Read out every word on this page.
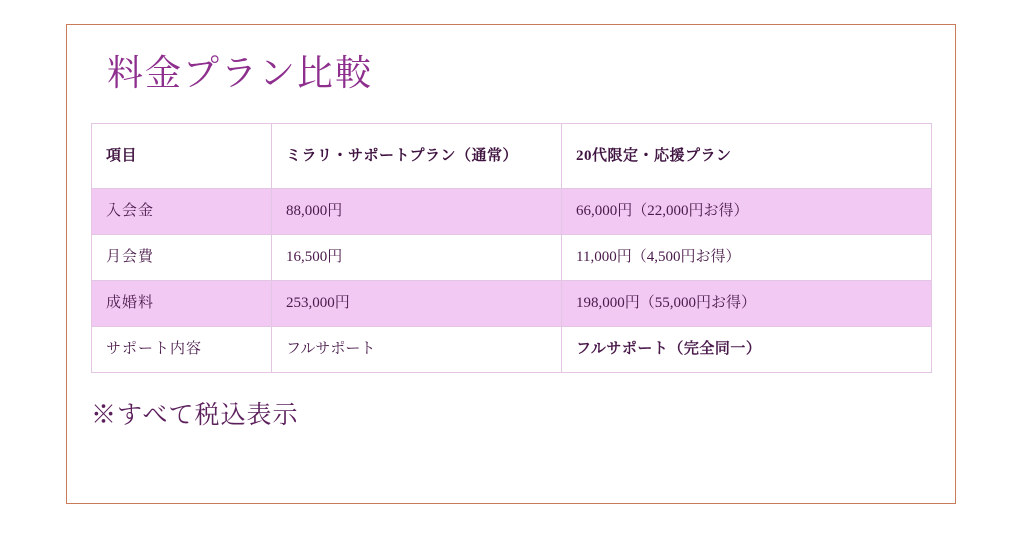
料金プラン比較
項目	ミラリ・サポートプラン（通常）	20代限定・応援プラン
入会金	88,000円	66,000円（22,000円お得）
月会費	16,500円	11,000円（4,500円お得）
成婚料	253,000円	198,000円（55,000円お得）
サポート内容	フルサポート	フルサポート（完全同一）
※すべて税込表示
